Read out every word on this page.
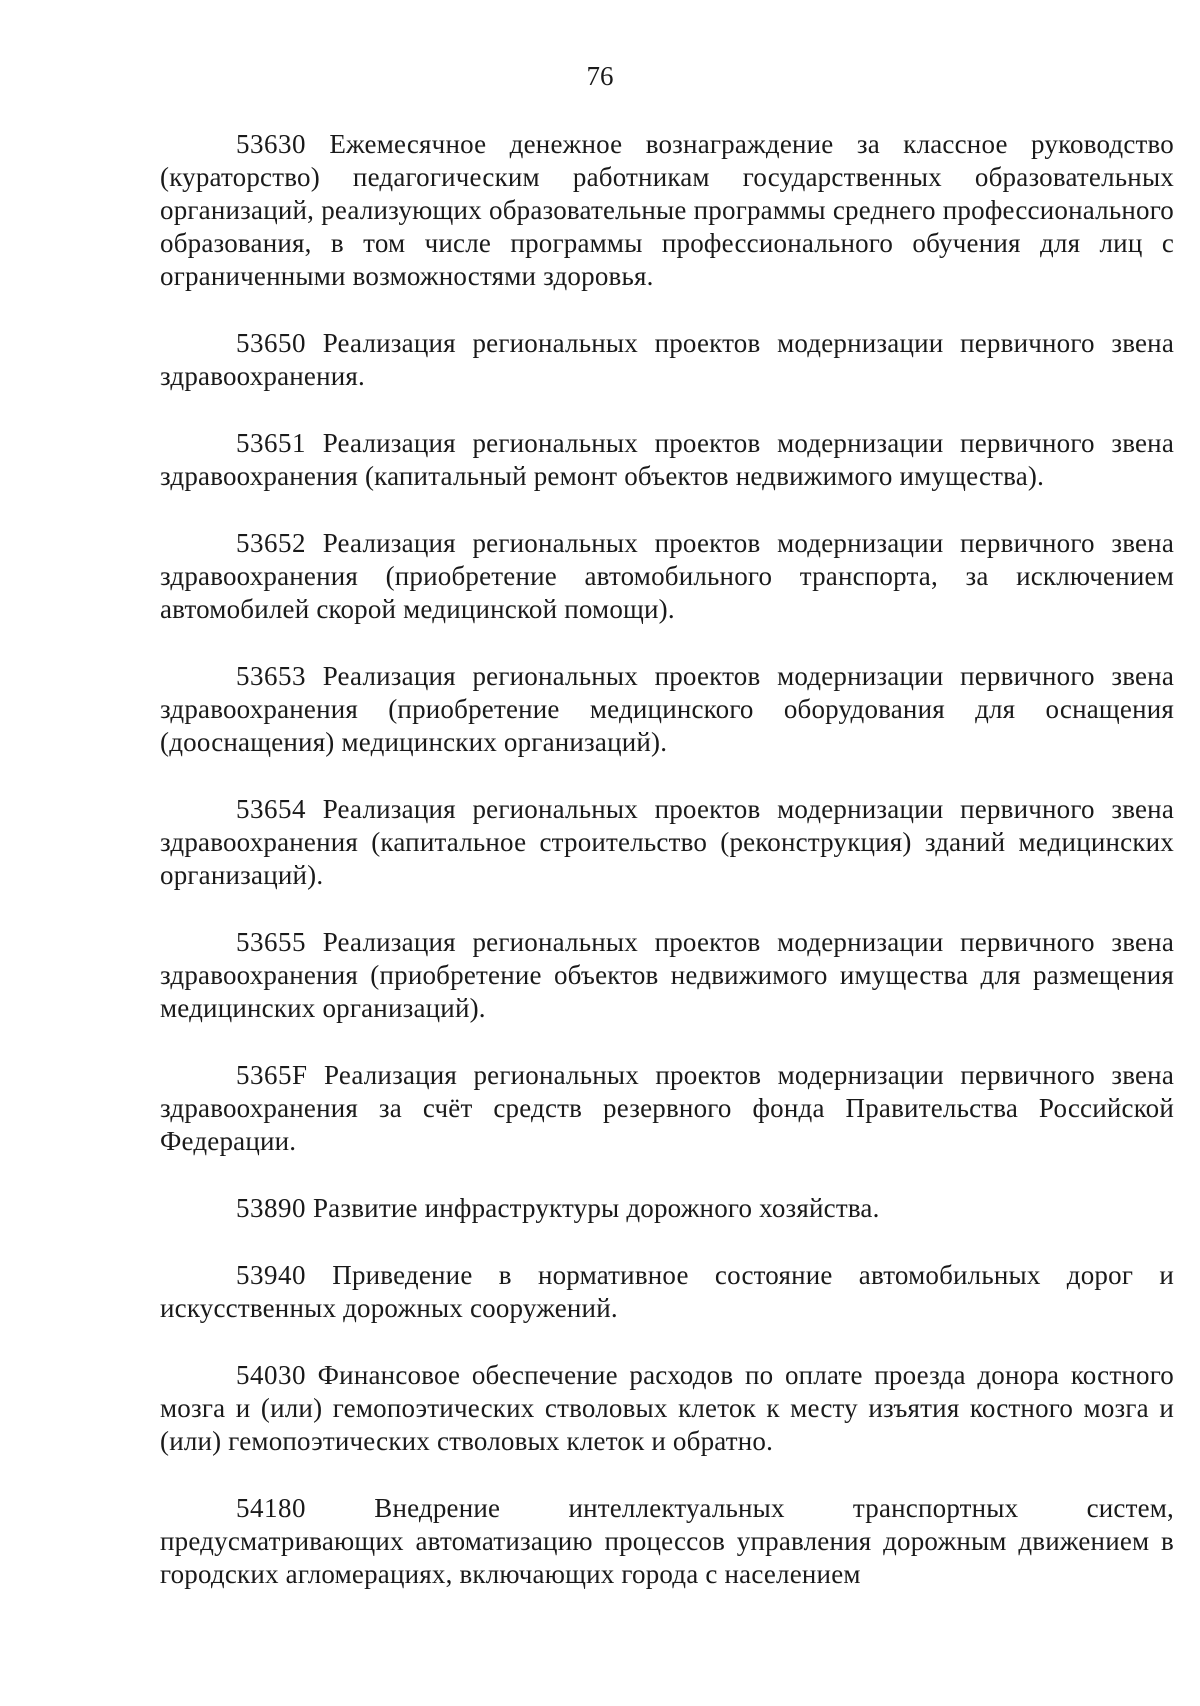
76

53630 Ежемесячное денежное вознаграждение за классное руководство (кураторство) педагогическим работникам государственных образовательных организаций, реализующих образовательные программы среднего профессионального образования, в том числе программы профессионального обучения для лиц с ограниченными возможностями здоровья.

53650 Реализация региональных проектов модернизации первичного звена здравоохранения.

53651 Реализация региональных проектов модернизации первичного звена здравоохранения (капитальный ремонт объектов недвижимого имущества).

53652 Реализация региональных проектов модернизации первичного звена здравоохранения (приобретение автомобильного транспорта, за исключением автомобилей скорой медицинской помощи).

53653 Реализация региональных проектов модернизации первичного звена здравоохранения (приобретение медицинского оборудования для оснащения (дооснащения) медицинских организаций).

53654 Реализация региональных проектов модернизации первичного звена здравоохранения (капитальное строительство (реконструкция) зданий медицинских организаций).

53655 Реализация региональных проектов модернизации первичного звена здравоохранения (приобретение объектов недвижимого имущества для размещения медицинских организаций).

5365F Реализация региональных проектов модернизации первичного звена здравоохранения за счёт средств резервного фонда Правительства Российской Федерации.

53890 Развитие инфраструктуры дорожного хозяйства.

53940 Приведение в нормативное состояние автомобильных дорог и искусственных дорожных сооружений.

54030 Финансовое обеспечение расходов по оплате проезда донора костного мозга и (или) гемопоэтических стволовых клеток к месту изъятия костного мозга и (или) гемопоэтических стволовых клеток и обратно.

54180	Внедрение интеллектуальных транспортных систем, предусматривающих автоматизацию процессов управления дорожным движением в городских агломерациях, включающих города с населением
